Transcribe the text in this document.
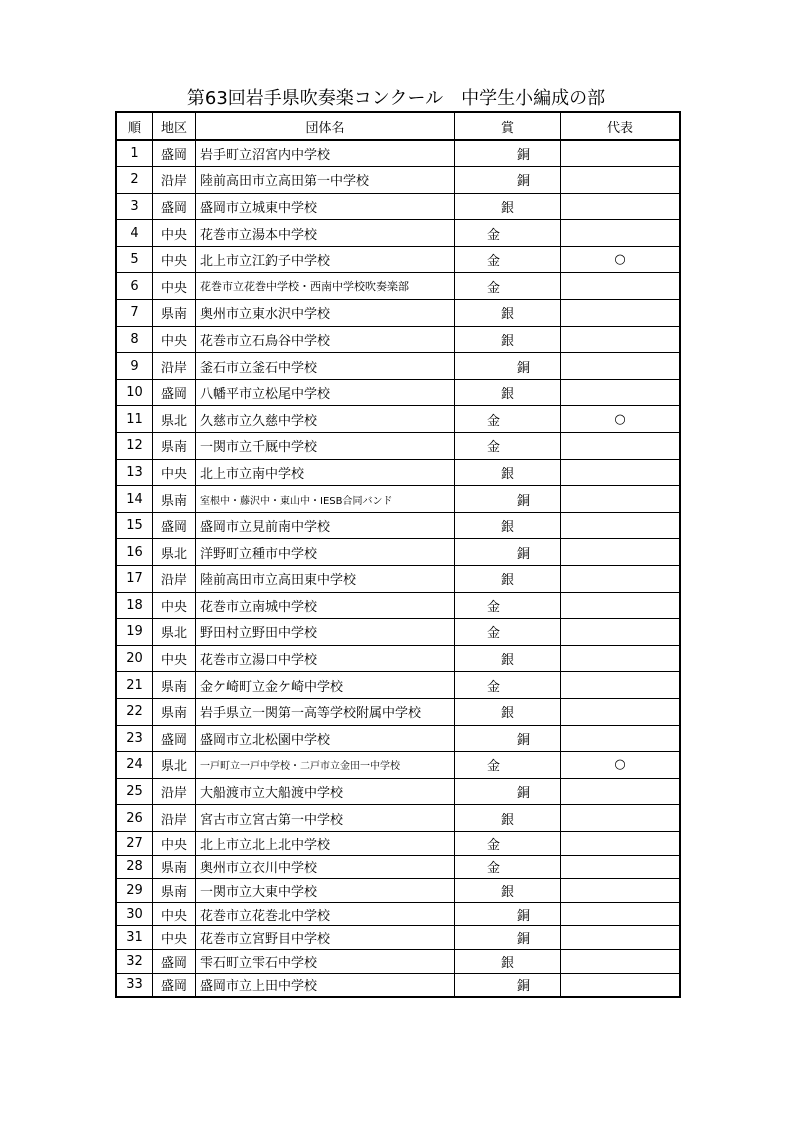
第63回岩手県吹奏楽コンクール　中学生小編成の部
順	地区	団体名	賞	代表
1	盛岡	岩手町立沼宮内中学校	銅	
2	沿岸	陸前高田市立高田第一中学校	銅	
3	盛岡	盛岡市立城東中学校	銀	
4	中央	花巻市立湯本中学校	金	
5	中央	北上市立江釣子中学校	金	○
6	中央	花巻市立花巻中学校・西南中学校吹奏楽部	金	
7	県南	奥州市立東水沢中学校	銀	
8	中央	花巻市立石鳥谷中学校	銀	
9	沿岸	釜石市立釜石中学校	銅	
10	盛岡	八幡平市立松尾中学校	銀	
11	県北	久慈市立久慈中学校	金	○
12	県南	一関市立千厩中学校	金	
13	中央	北上市立南中学校	銀	
14	県南	室根中・藤沢中・東山中・IESB合同バンド	銅	
15	盛岡	盛岡市立見前南中学校	銀	
16	県北	洋野町立種市中学校	銅	
17	沿岸	陸前高田市立高田東中学校	銀	
18	中央	花巻市立南城中学校	金	
19	県北	野田村立野田中学校	金	
20	中央	花巻市立湯口中学校	銀	
21	県南	金ケ崎町立金ケ崎中学校	金	
22	県南	岩手県立一関第一高等学校附属中学校	銀	
23	盛岡	盛岡市立北松園中学校	銅	
24	県北	一戸町立一戸中学校・二戸市立金田一中学校	金	○
25	沿岸	大船渡市立大船渡中学校	銅	
26	沿岸	宮古市立宮古第一中学校	銀	
27	中央	北上市立北上北中学校	金	
28	県南	奥州市立衣川中学校	金	
29	県南	一関市立大東中学校	銀	
30	中央	花巻市立花巻北中学校	銅	
31	中央	花巻市立宮野目中学校	銅	
32	盛岡	雫石町立雫石中学校	銀	
33	盛岡	盛岡市立上田中学校	銅	
